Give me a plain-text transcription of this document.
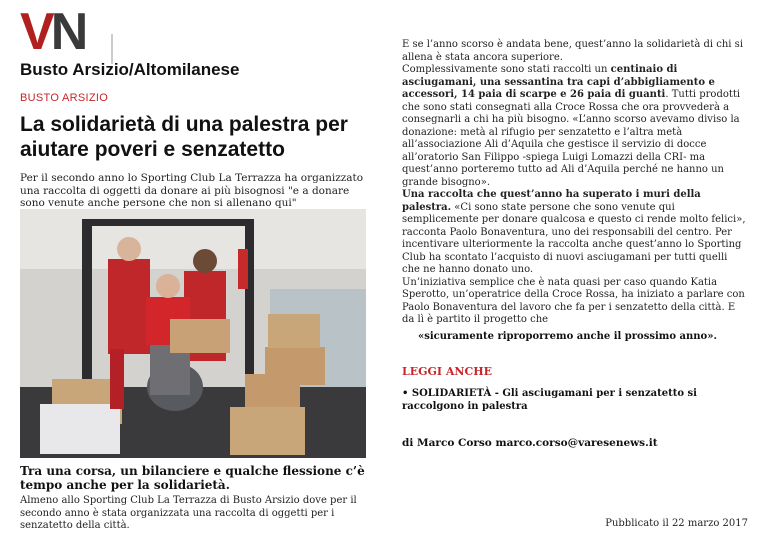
VN
Busto Arsizio/Altomilanese
BUSTO ARSIZIO
La solidarietà di una palestra per aiutare poveri e senzatetto
Per il secondo anno lo Sporting Club La Terrazza ha organizzato una raccolta di oggetti da donare ai più bisognosi "e a donare sono venute anche persone che non si allenano qui"
Tra una corsa, un bilanciere e qualche flessione c’è tempo anche per la solidarietà.
Almeno allo Sporting Club La Terrazza di Busto Arsizio dove per il secondo anno è stata organizzata una raccolta di oggetti per i senzatetto della città.

E se l’anno scorso è andata bene, quest’anno la solidarietà di chi si allena è stata ancora superiore.

Complessivamente sono stati raccolti un centinaio di asciugamani, una sessantina tra capi d’abbigliamento e accessori, 14 paia di scarpe e 26 paia di guanti. Tutti prodotti che sono stati consegnati alla Croce Rossa che ora provvederà a consegnarli a chi ha più bisogno. «L’anno scorso avevamo diviso la donazione: metà al rifugio per senzatetto e l’altra metà all’associazione Ali d’Aquila che gestisce il servizio di docce all’oratorio San Filippo -spiega Luigi Lomazzi della CRI- ma quest’anno porteremo tutto ad Ali d’Aquila perché ne hanno un grande bisogno».

Una raccolta che quest’anno ha superato i muri della palestra. «Ci sono state persone che sono venute qui semplicemente per donare qualcosa e questo ci rende molto felici», racconta Paolo Bonaventura, uno dei responsabili del centro. Per incentivare ulteriormente la raccolta anche quest’anno lo Sporting Club ha scontato l’acquisto di nuovi asciugamani per tutti quelli che ne hanno donato uno.

Un’iniziativa semplice che è nata quasi per caso quando Katia Sperotto, un’operatrice della Croce Rossa, ha iniziato a parlare con Paolo Bonaventura del lavoro che fa per i senzatetto della città. E da lì è partito il progetto che

«sicuramente riproporremo anche il prossimo anno».
LEGGI ANCHE
• SOLIDARIETÀ - Gli asciugamani per i senzatetto si raccolgono in palestra
di Marco Corso marco.corso@varesenews.it
Pubblicato il 22 marzo 2017
